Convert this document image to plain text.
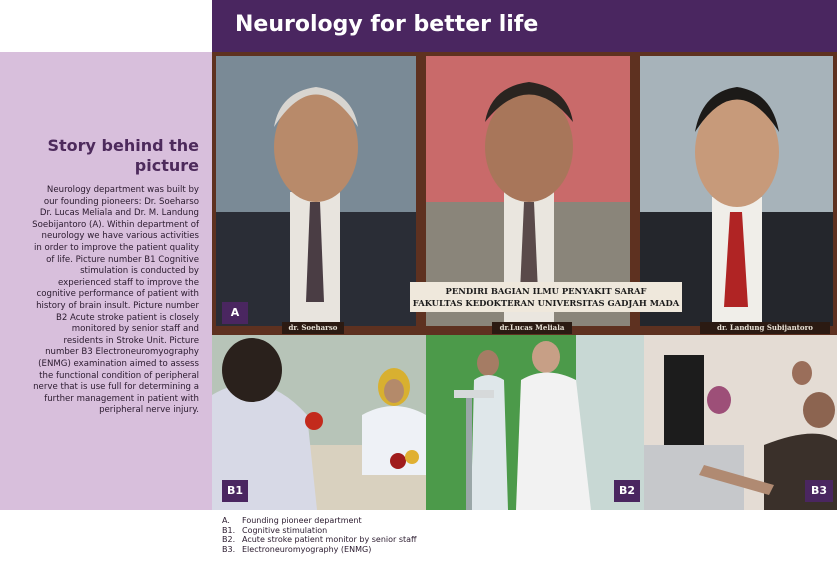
Neurology for better life
Story behind the picture
Neurology department was built by our founding pioneers: Dr. Soeharso Dr. Lucas Meliala and Dr. M. Landung Soebijantoro (A). Within department of neurology we have various activities in order to improve the patient quality of life. Picture number B1 Cognitive stimulation is conducted by experienced staff to improve the cognitive performance of patient with history of brain insult. Picture number B2 Acute stroke patient is closely monitored by senior staff and residents in Stroke Unit. Picture number B3 Electroneuromyography (ENMG) examination aimed to assess the functional condition of peripheral nerve that is use full for determining a further management in patient with peripheral nerve injury.
PENDIRI BAGIAN ILMU PENYAKIT SARAF
FAKULTAS KEDOKTERAN UNIVERSITAS GADJAH MADA
dr. Soeharso	dr.Lucas Meliala	dr. Landung Subijantoro
A
B1	B2	B3
A.	Founding pioneer department
B1. Cognitive stimulation
B2. Acute stroke patient monitor by senior staff
B3. Electroneuromyography (ENMG)
